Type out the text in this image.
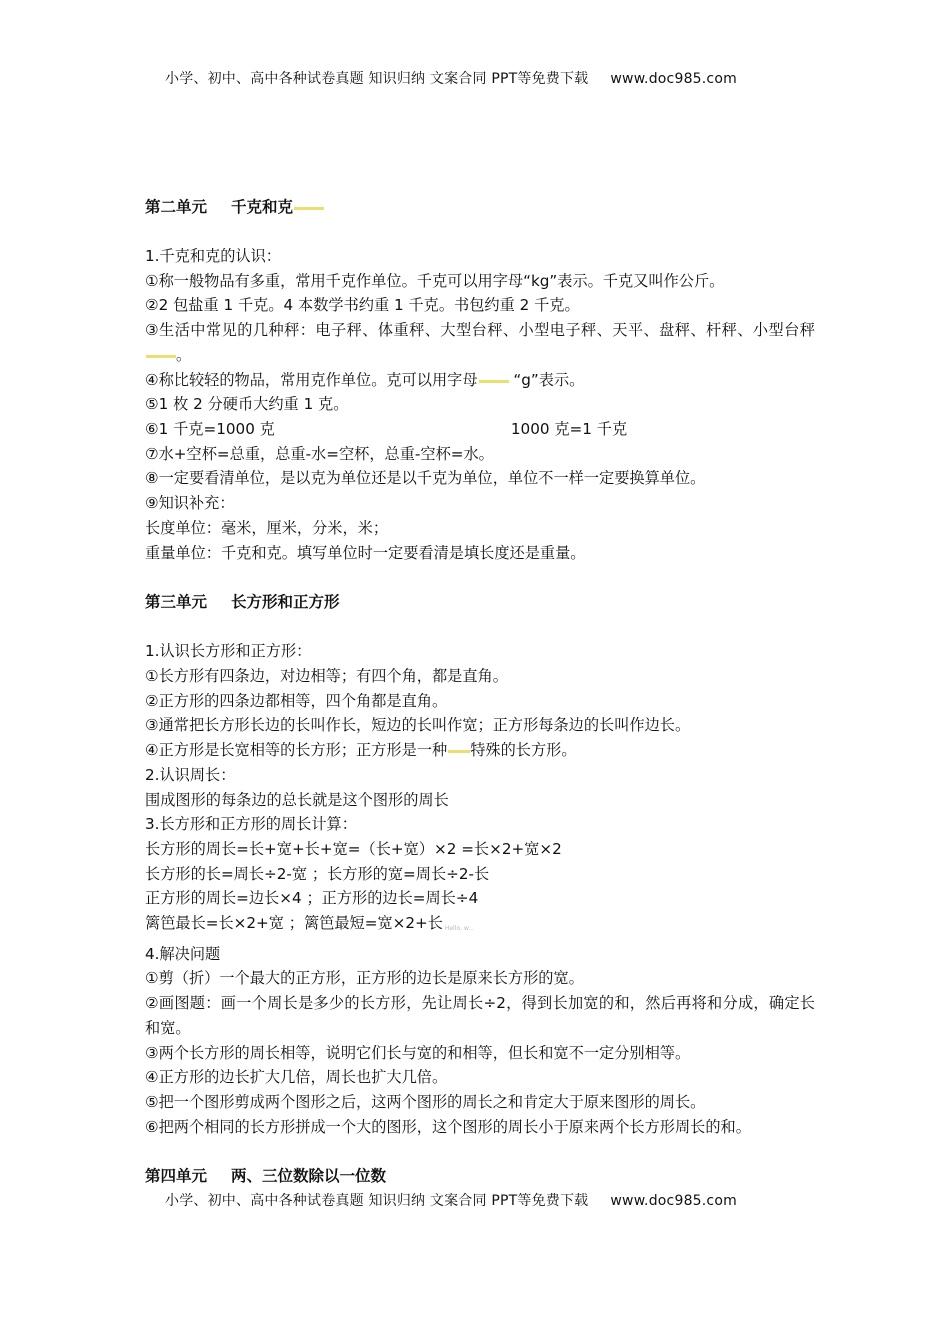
小学、初中、高中各种试卷真题 知识归纳 文案合同 PPT等免费下载 www.doc985.com
第二单元 千克和克
1.千克和克的认识：
①称一般物品有多重，常用千克作单位。千克可以用字母“kg”表示。千克又叫作公斤。
②2 包盐重 1 千克。4 本数学书约重 1 千克。书包约重 2 千克。
③生活中常见的几种秤：电子秤、体重秤、大型台秤、小型电子秤、天平、盘秤、杆秤、小型台秤。
④称比较轻的物品，常用克作单位。克可以用字母 “g”表示。
⑤1 枚 2 分硬币大约重 1 克。
⑥1 千克=1000 克	1000 克=1 千克
⑦水+空杯=总重，总重-水=空杯，总重-空杯=水。
⑧一定要看清单位，是以克为单位还是以千克为单位，单位不一样一定要换算单位。
⑨知识补充：
长度单位：毫米，厘米，分米，米；
重量单位：千克和克。填写单位时一定要看清是填长度还是重量。
第三单元 长方形和正方形
1.认识长方形和正方形：
①长方形有四条边，对边相等；有四个角，都是直角。
②正方形的四条边都相等，四个角都是直角。
③通常把长方形长边的长叫作长，短边的长叫作宽；正方形每条边的长叫作边长。
④正方形是长宽相等的长方形；正方形是一种 特殊的长方形。
2.认识周长：
围成图形的每条边的总长就是这个图形的周长
3.长方形和正方形的周长计算：
长方形的周长=长+宽+长+宽=（长+宽）×2 =长×2+宽×2
长方形的长=周长÷2-宽 ；长方形的宽=周长÷2-长
正方形的周长=边长×4 ；正方形的边长=周长÷4
篱笆最长=长×2+宽 ；篱笆最短=宽×2+长 Hello, w...
4.解决问题
①剪（折）一个最大的正方形，正方形的边长是原来长方形的宽。
②画图题：画一个周长是多少的长方形，先让周长÷2，得到长加宽的和，然后再将和分成，确定长和宽。
③两个长方形的周长相等，说明它们长与宽的和相等，但长和宽不一定分别相等。
④正方形的边长扩大几倍，周长也扩大几倍。
⑤把一个图形剪成两个图形之后，这两个图形的周长之和肯定大于原来图形的周长。
⑥把两个相同的长方形拼成一个大的图形，这个图形的周长小于原来两个长方形周长的和。
第四单元 两、三位数除以一位数
小学、初中、高中各种试卷真题 知识归纳 文案合同 PPT等免费下载 www.doc985.com
